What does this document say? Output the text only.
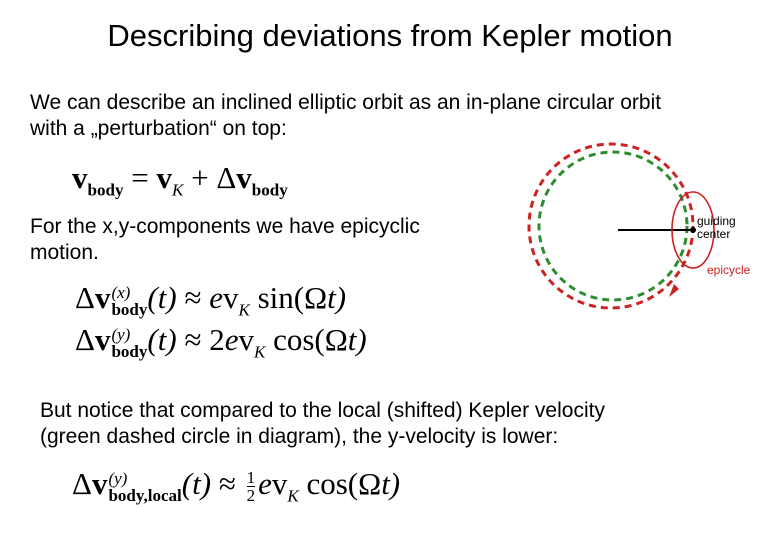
Describing deviations from Kepler motion
We can describe an inclined elliptic orbit as an in-plane circular orbit
with a „perturbation“ on top:
$v_{body} = v_K + \Delta v_{body}$
For the x,y-components we have epicyclic
motion.
Δv (x)
body $(t) \approx ev_K$ sin(Ωt)
Δv (y)
body $(t) \approx 2ev_K$ cos(Ωt)
But notice that compared to the local (shifted) Kepler velocity
(green dashed circle in diagram), the y-velocity is lower:
Δv (y)
body,local $(t) \approx \frac{1}{2} ev_K$ cos(Ωt)
guiding
center
epicycle
